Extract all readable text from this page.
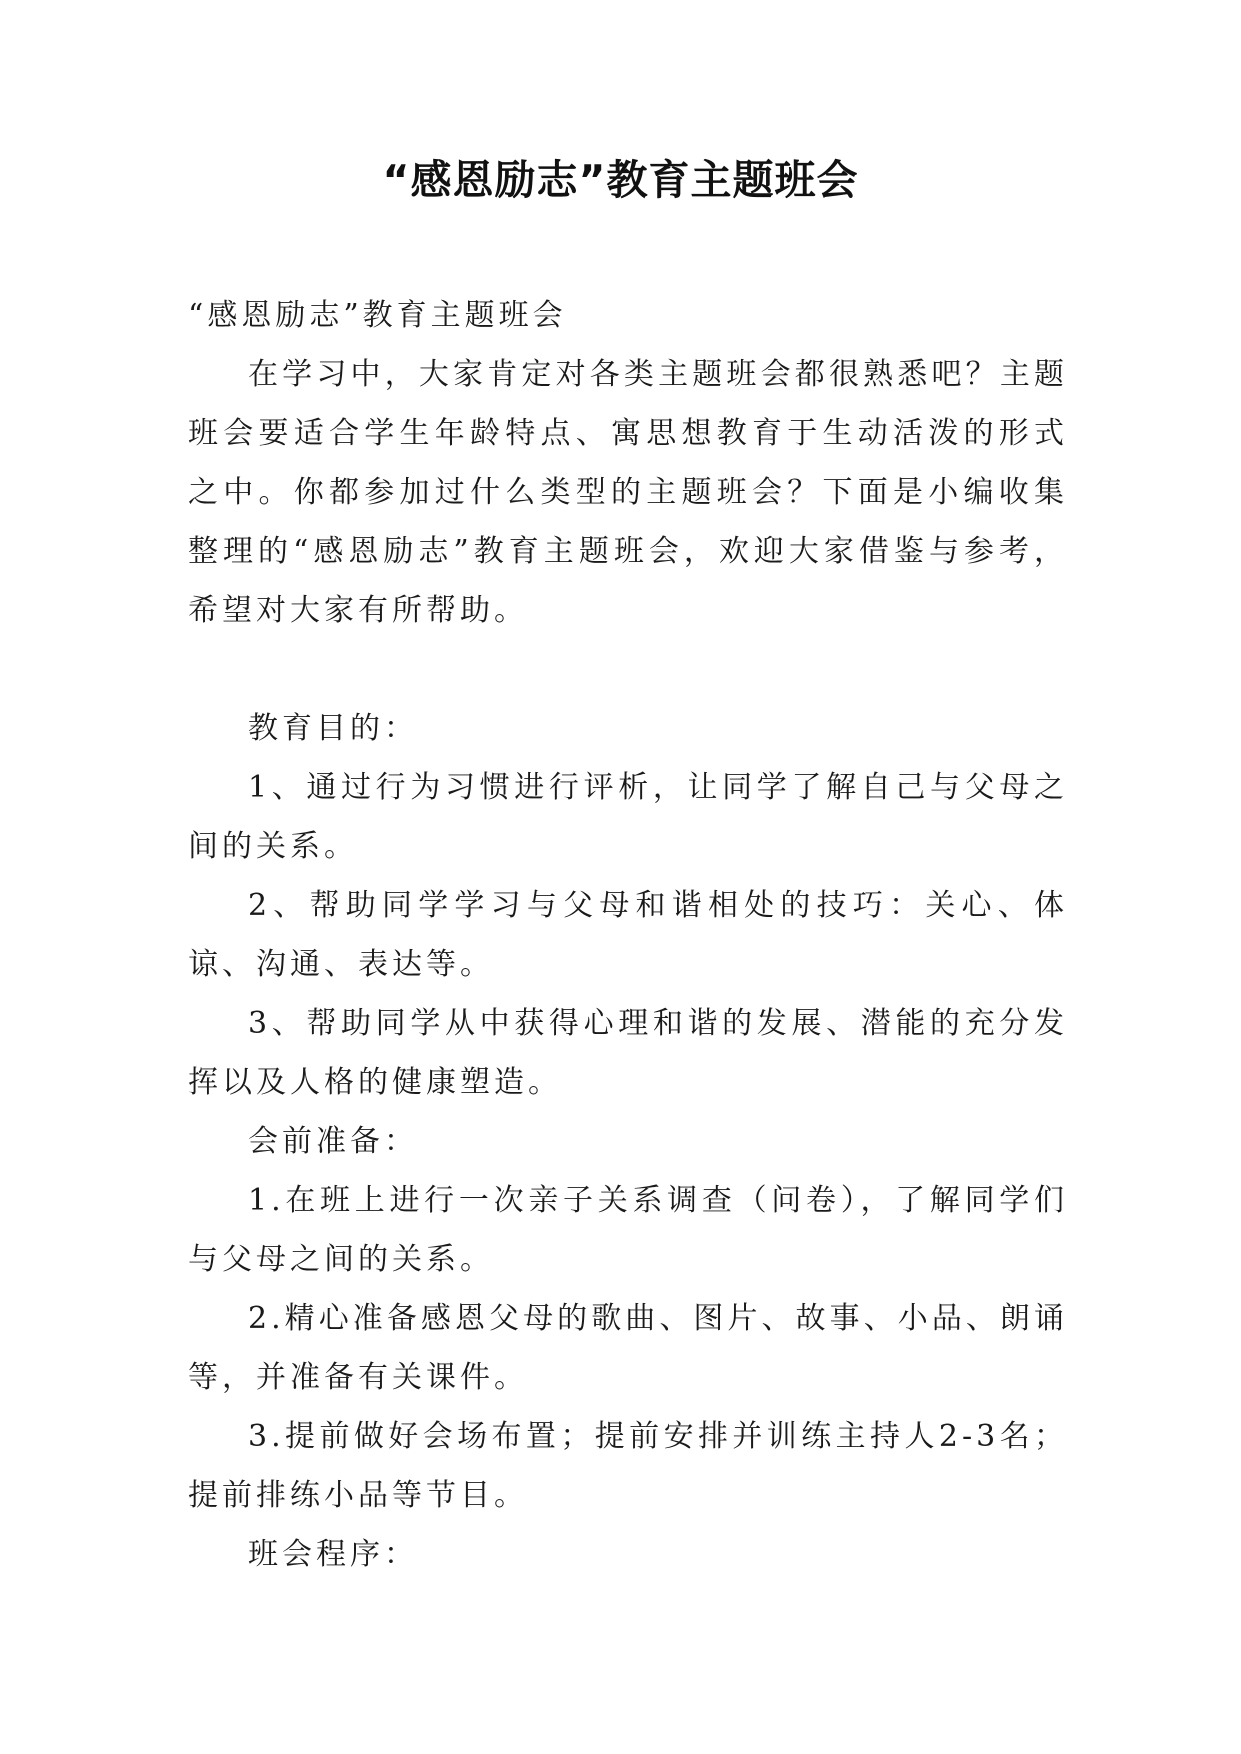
“感恩励志”教育主题班会

“感恩励志”教育主题班会

在学习中，大家肯定对各类主题班会都很熟悉吧？主题班会要适合学生年龄特点、寓思想教育于生动活泼的形式之中。你都参加过什么类型的主题班会？下面是小编收集整理的“感恩励志”教育主题班会，欢迎大家借鉴与参考，希望对大家有所帮助。

教育目的：

1、通过行为习惯进行评析，让同学了解自己与父母之间的关系。

2、帮助同学学习与父母和谐相处的技巧：关心、体谅、沟通、表达等。

3、帮助同学从中获得心理和谐的发展、潜能的充分发挥以及人格的健康塑造。

会前准备：

1.在班上进行一次亲子关系调查（问卷），了解同学们与父母之间的关系。

2.精心准备感恩父母的歌曲、图片、故事、小品、朗诵等，并准备有关课件。

3.提前做好会场布置；提前安排并训练主持人2-3名；提前排练小品等节目。

班会程序：
